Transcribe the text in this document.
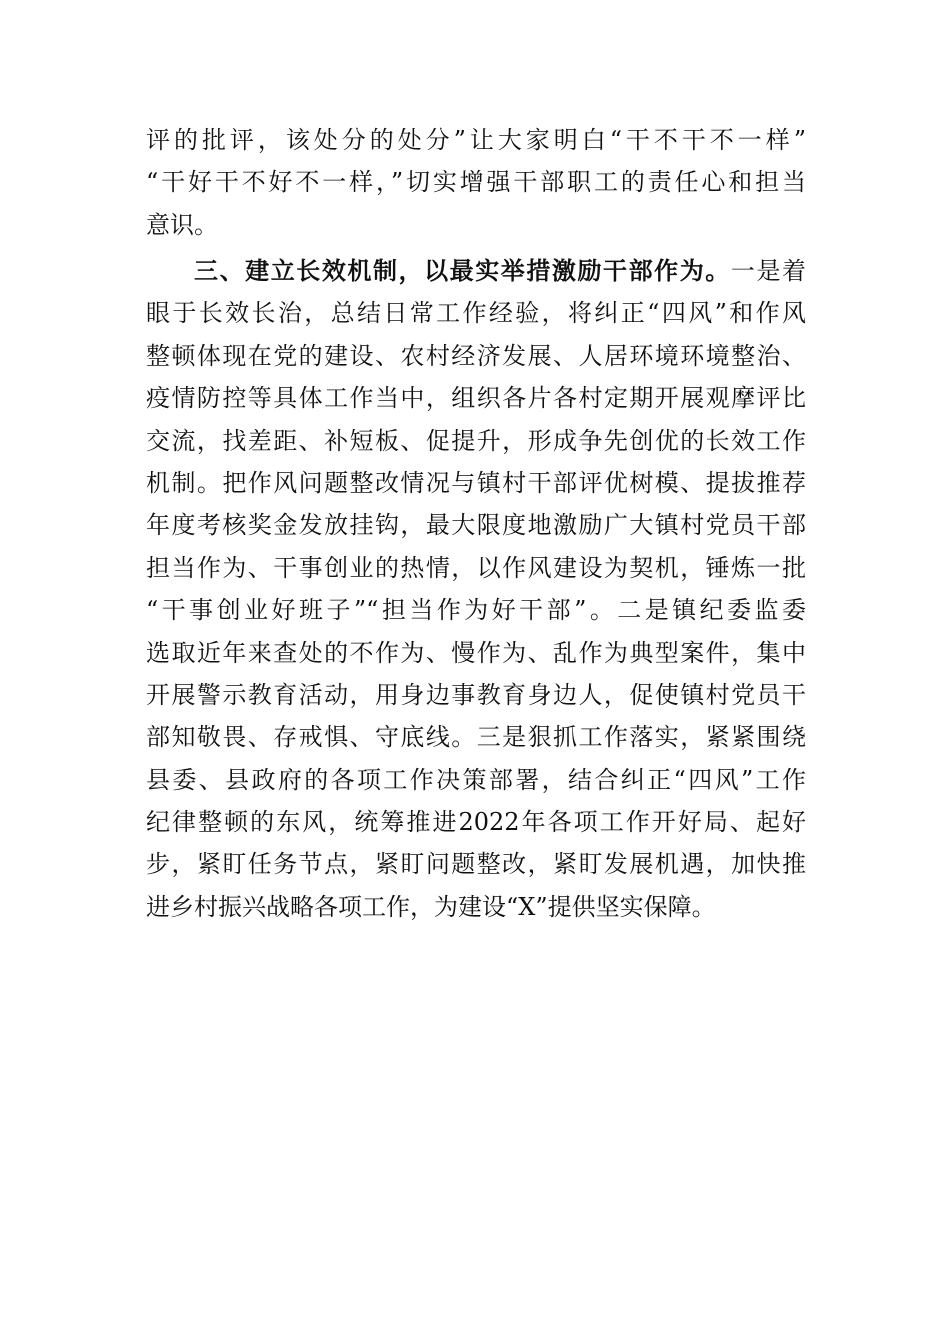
评的批评，该处分的处分”让大家明白“干不干不一样”
“干好干不好不一样，”切实增强干部职工的责任心和担当
意识。
三、建立长效机制，以最实举措激励干部作为。一是着
眼于长效长治，总结日常工作经验，将纠正“四风”和作风
整顿体现在党的建设、农村经济发展、人居环境环境整治、
疫情防控等具体工作当中，组织各片各村定期开展观摩评比
交流，找差距、补短板、促提升，形成争先创优的长效工作
机制。把作风问题整改情况与镇村干部评优树模、提拔推荐
年度考核奖金发放挂钩，最大限度地激励广大镇村党员干部
担当作为、干事创业的热情，以作风建设为契机，锤炼一批
“干事创业好班子”“担当作为好干部”。二是镇纪委监委
选取近年来查处的不作为、慢作为、乱作为典型案件，集中
开展警示教育活动，用身边事教育身边人，促使镇村党员干
部知敬畏、存戒惧、守底线。三是狠抓工作落实，紧紧围绕
县委、县政府的各项工作决策部署，结合纠正“四风”工作
纪律整顿的东风，统筹推进2022年各项工作开好局、起好
步，紧盯任务节点，紧盯问题整改，紧盯发展机遇，加快推
进乡村振兴战略各项工作，为建设“X”提供坚实保障。
